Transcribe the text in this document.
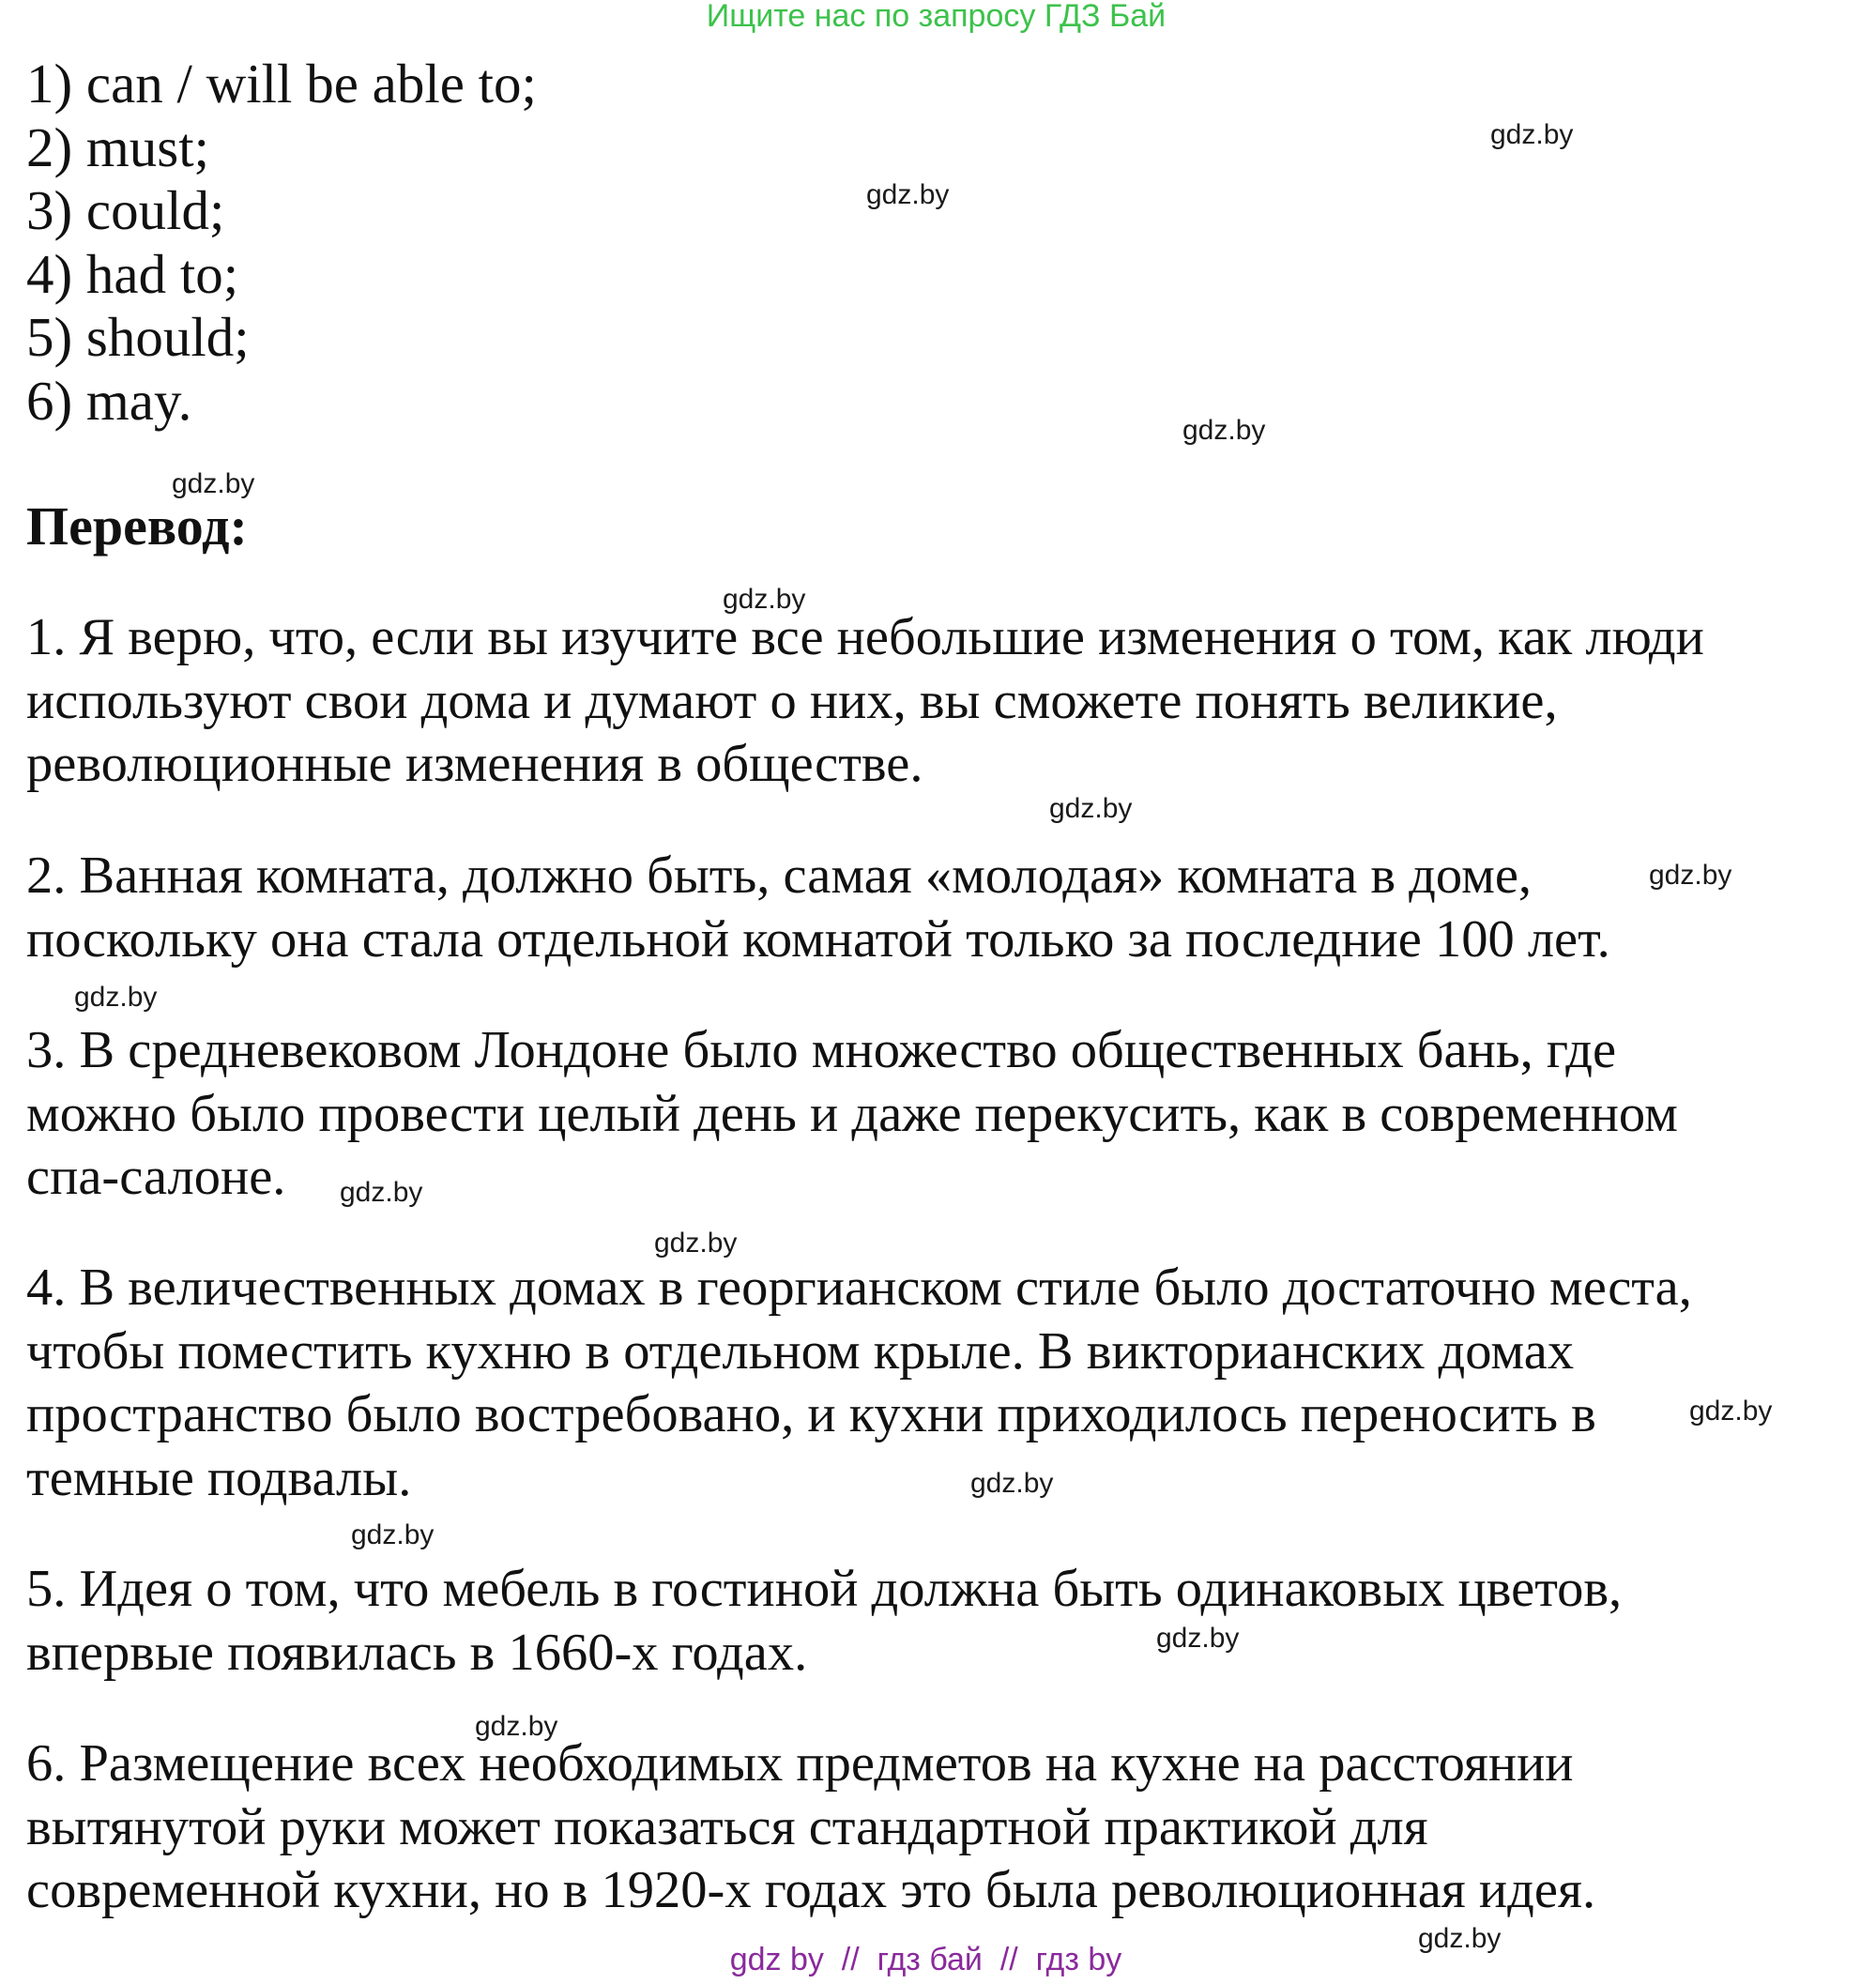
Ищите нас по запросу ГДЗ Бай
1) can / will be able to;
2) must;
3) could;
4) had to;
5) should;
6) may.
Перевод:

1. Я верю, что, если вы изучите все небольшие изменения о том, как люди
используют свои дома и думают о них, вы сможете понять великие,
революционные изменения в обществе.

2. Ванная комната, должно быть, самая «молодая» комната в доме,
поскольку она стала отдельной комнатой только за последние 100 лет.

3. В средневековом Лондоне было множество общественных бань, где
можно было провести целый день и даже перекусить, как в современном
спа-салоне.

4. В величественных домах в георгианском стиле было достаточно места,
чтобы поместить кухню в отдельном крыле. В викторианских домах
пространство было востребовано, и кухни приходилось переносить в
темные подвалы.

5. Идея о том, что мебель в гостиной должна быть одинаковых цветов,
впервые появилась в 1660-х годах.

6. Размещение всех необходимых предметов на кухне на расстоянии
вытянутой руки может показаться стандартной практикой для
современной кухни, но в 1920-х годах это была революционная идея.

gdz.by
gdz.by
gdz.by
gdz.by
gdz.by
gdz.by
gdz.by
gdz.by
gdz.by
gdz.by
gdz.by
gdz.by
gdz.by
gdz.by
gdz.by
gdz.by
gdz by  //  гдз бай  //  гдз by
